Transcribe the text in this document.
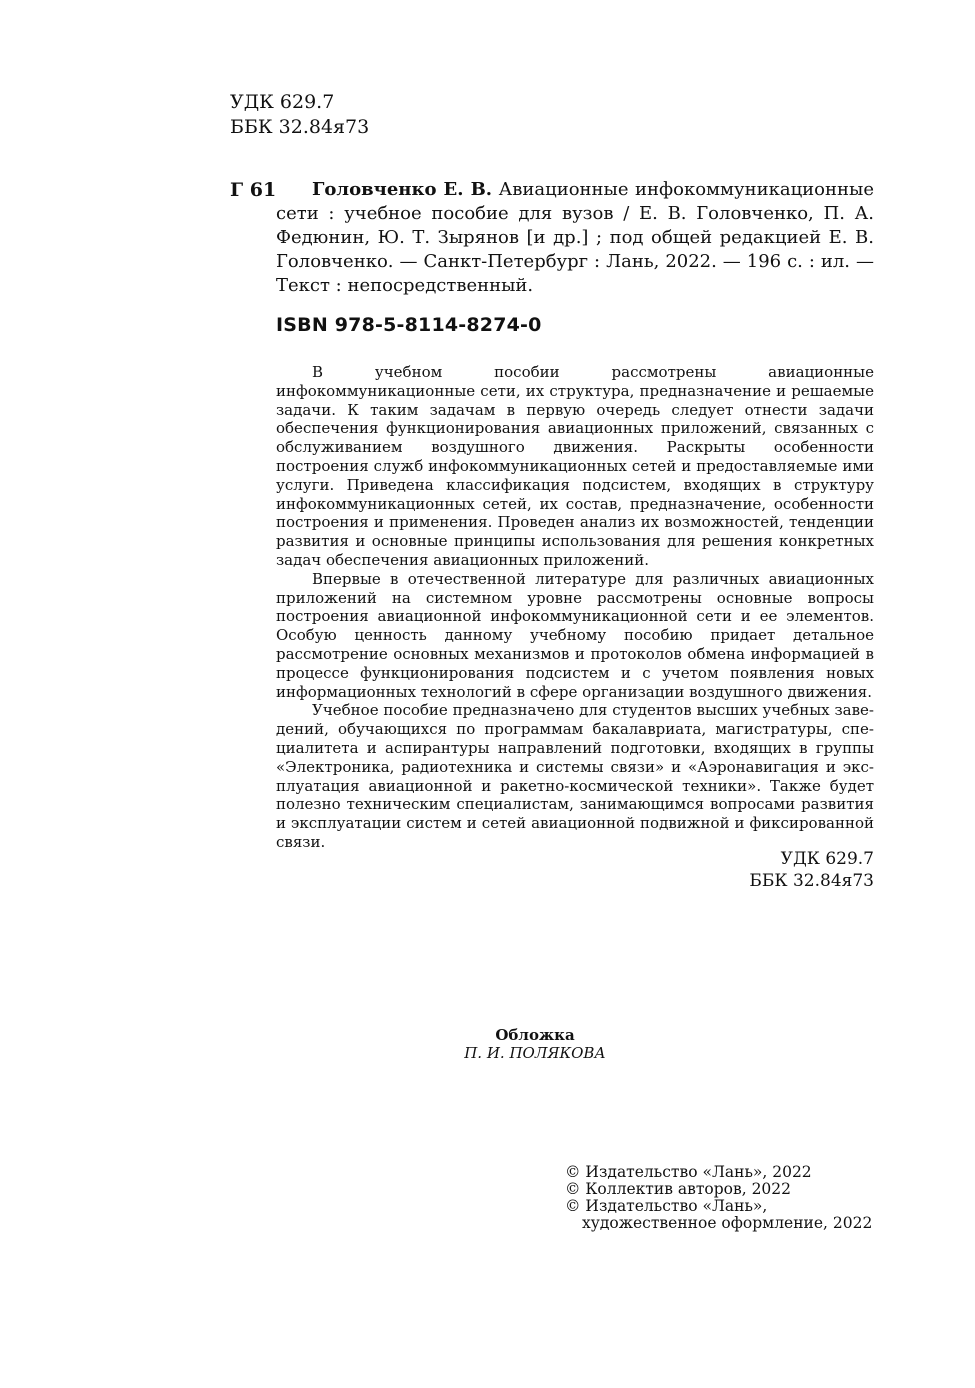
УДК 629.7
ББК 32.84я73
Г 61	Головченко Е. В. Авиационные инфокоммуникационные сети : учебное пособие для вузов / Е. В. Головченко, П. А. Федюнин, Ю. Т. Зырянов [и др.] ; под общей редакцией Е. В. Головченко. — Санкт-Петербург : Лань, 2022. — 196 с. : ил. — Текст : непосредственный.
ISBN 978-5-8114-8274-0

В учебном пособии рассмотрены авиационные инфокоммуникационные сети, их структура, предназначение и решаемые задачи. К таким задачам в первую очередь следует отнести задачи обеспечения функционирования авиационных приложений, связанных с обслуживанием воздушного движения. Раскрыты особенности построения служб инфокоммуникационных сетей и предоставляемые ими услуги. Приведена классификация подсистем, входящих в структуру инфокоммуникационных сетей, их состав, предназначение, особенности построения и применения. Проведен анализ их возможностей, тенденции развития и основные принципы использования для решения конкретных задач обеспечения авиационных приложений.

Впервые в отечественной литературе для различных авиационных приложений на системном уровне рассмотрены основные вопросы построения авиационной инфокоммуникационной сети и ее элементов. Особую ценность данному учебному пособию придает детальное рассмотрение основных механизмов и протоколов обмена информацией в процессе функционирования подсистем и с учетом появления новых информационных технологий в сфере организации воздушного движения.

Учебное пособие предназначено для студентов высших учебных заведений, обучающихся по программам бакалавриата, магистратуры, специалитета и аспирантуры направлений подготовки, входящих в группы «Электроника, радиотехника и системы связи» и «Аэронавигация и эксплуатация авиационной и ракетно-космической техники». Также будет полезно техническим специалистам, занимающимся вопросами развития и эксплуатации систем и сетей авиационной подвижной и фиксированной связи.

УДК 629.7
ББК 32.84я73
Обложка
П. И. ПОЛЯКОВА
© Издательство «Лань», 2022
© Коллектив авторов, 2022
© Издательство «Лань»,
художественное оформление, 2022
